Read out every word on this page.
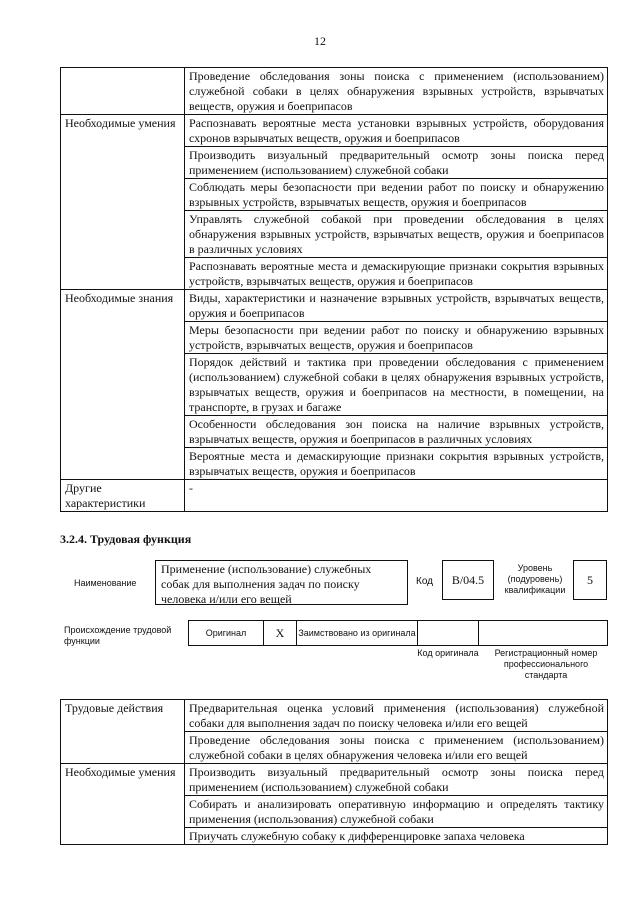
12
	Проведение обследования зоны поиска с применением (использованием) служебной собаки в целях обнаружения взрывных устройств, взрывчатых веществ, оружия и боеприпасов
Необходимые умения	Распознавать вероятные места установки взрывных устройств, оборудования схронов взрывчатых веществ, оружия и боеприпасов
	Производить визуальный предварительный осмотр зоны поиска перед применением (использованием) служебной собаки
	Соблюдать меры безопасности при ведении работ по поиску и обнаружению взрывных устройств, взрывчатых веществ, оружия и боеприпасов
	Управлять служебной собакой при проведении обследования в целях обнаружения взрывных устройств, взрывчатых веществ, оружия и боеприпасов в различных условиях
	Распознавать вероятные места и демаскирующие признаки сокрытия взрывных устройств, взрывчатых веществ, оружия и боеприпасов
Необходимые знания	Виды, характеристики и назначение взрывных устройств, взрывчатых веществ, оружия и боеприпасов
	Меры безопасности при ведении работ по поиску и обнаружению взрывных устройств, взрывчатых веществ, оружия и боеприпасов
	Порядок действий и тактика при проведении обследования с применением (использованием) служебной собаки в целях обнаружения взрывных устройств, взрывчатых веществ, оружия и боеприпасов на местности, в помещении, на транспорте, в грузах и багаже
	Особенности обследования зон поиска на наличие взрывных устройств, взрывчатых веществ, оружия и боеприпасов в различных условиях
	Вероятные места и демаскирующие признаки сокрытия взрывных устройств, взрывчатых веществ, оружия и боеприпасов
Другие характеристики	-
3.2.4. Трудовая функция
Наименование
Применение (использование) служебных собак для выполнения задач по поиску человека и/или его вещей
Код	В/04.5
Уровень (подуровень) квалификации
5
Происхождение трудовой функции
Оригинал	X	Заимствовано из оригинала
Код оригинала	Регистрационный номер профессионального стандарта
Трудовые действия	Предварительная оценка условий применения (использования) служебной собаки для выполнения задач по поиску человека и/или его вещей
	Проведение обследования зоны поиска с применением (использованием) служебной собаки в целях обнаружения человека и/или его вещей
Необходимые умения	Производить визуальный предварительный осмотр зоны поиска перед применением (использованием) служебной собаки
	Собирать и анализировать оперативную информацию и определять тактику применения (использования) служебной собаки
	Приучать служебную собаку к дифференцировке запаха человека
